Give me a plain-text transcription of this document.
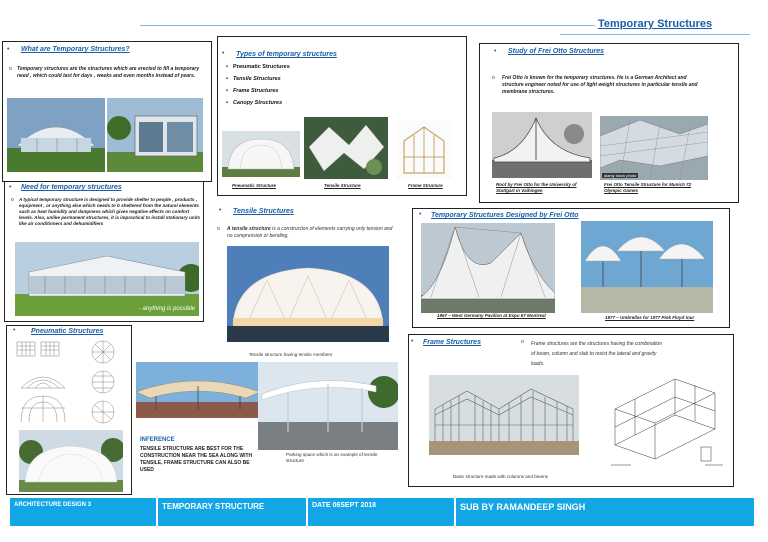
Temporary Structures
• What are Temporary Structures?
o Temporary structures are the structures which are erected to fill a temporary need , which could last for days , weeks and even months instead of years.
• Types of temporary structures
• Pneumatic Structures
• Tensile Structures
• Frame Structures
• Canopy Structures
Pneumatic Structure	Tensile Structure	Frame Structure
• Study of Frei Otto Structures
o Frei Otto is known for the temporary structures. He is a German Architect and structure engineer noted for use of light weight structures in particular tensile and membrane structures.
alamy stock photo
Roof by Frei Otto for the University of Stuttgart in Vaihingen
Frei Otto Tensile Structure for Munich 72 Olympic Games
• Need for temporary structures
o A typical temporary structure is designed to provide shelter to people , products , equipment , or anything else which needs to b sheltered from the natural elements such as heat humidity and dampness which gives negative effects on comfort levels. Also, unlike permanent structures, it is impractical to install stationary units like air conditioners and dehumidifiers
- anything is possible
• Tensile Structures
o A tensile structure is a construction of elements carrying only tension and no compression or bending.
Tensile structure having tensile members
• Temporary Structures Designed by Frei Otto
1967 – West Germany Pavilion at Expo 67 Montreal	1977 – Umbrellas for 1977 Pink Floyd tour
• Pneumatic Structures
INFERENCE
TENSILE STRUCTURE ARE BEST FOR THE CONSTRUCTION NEAR THE SEA ALONG WITH TENSILE, FRAME STRUCTURE CAN ALSO BE USED
Parking space which is an example of tensile structure
• Frame Structures	o Frame structures are the structures having the combination of beam, column and slab to resist the lateral and gravity loads.
Basic structure made with columns and beams
ARCHITECTURE DESIGN 3	TEMPORARY STRUCTURE	DATE 06SEPT 2018	SUB BY RAMANDEEP SINGH
